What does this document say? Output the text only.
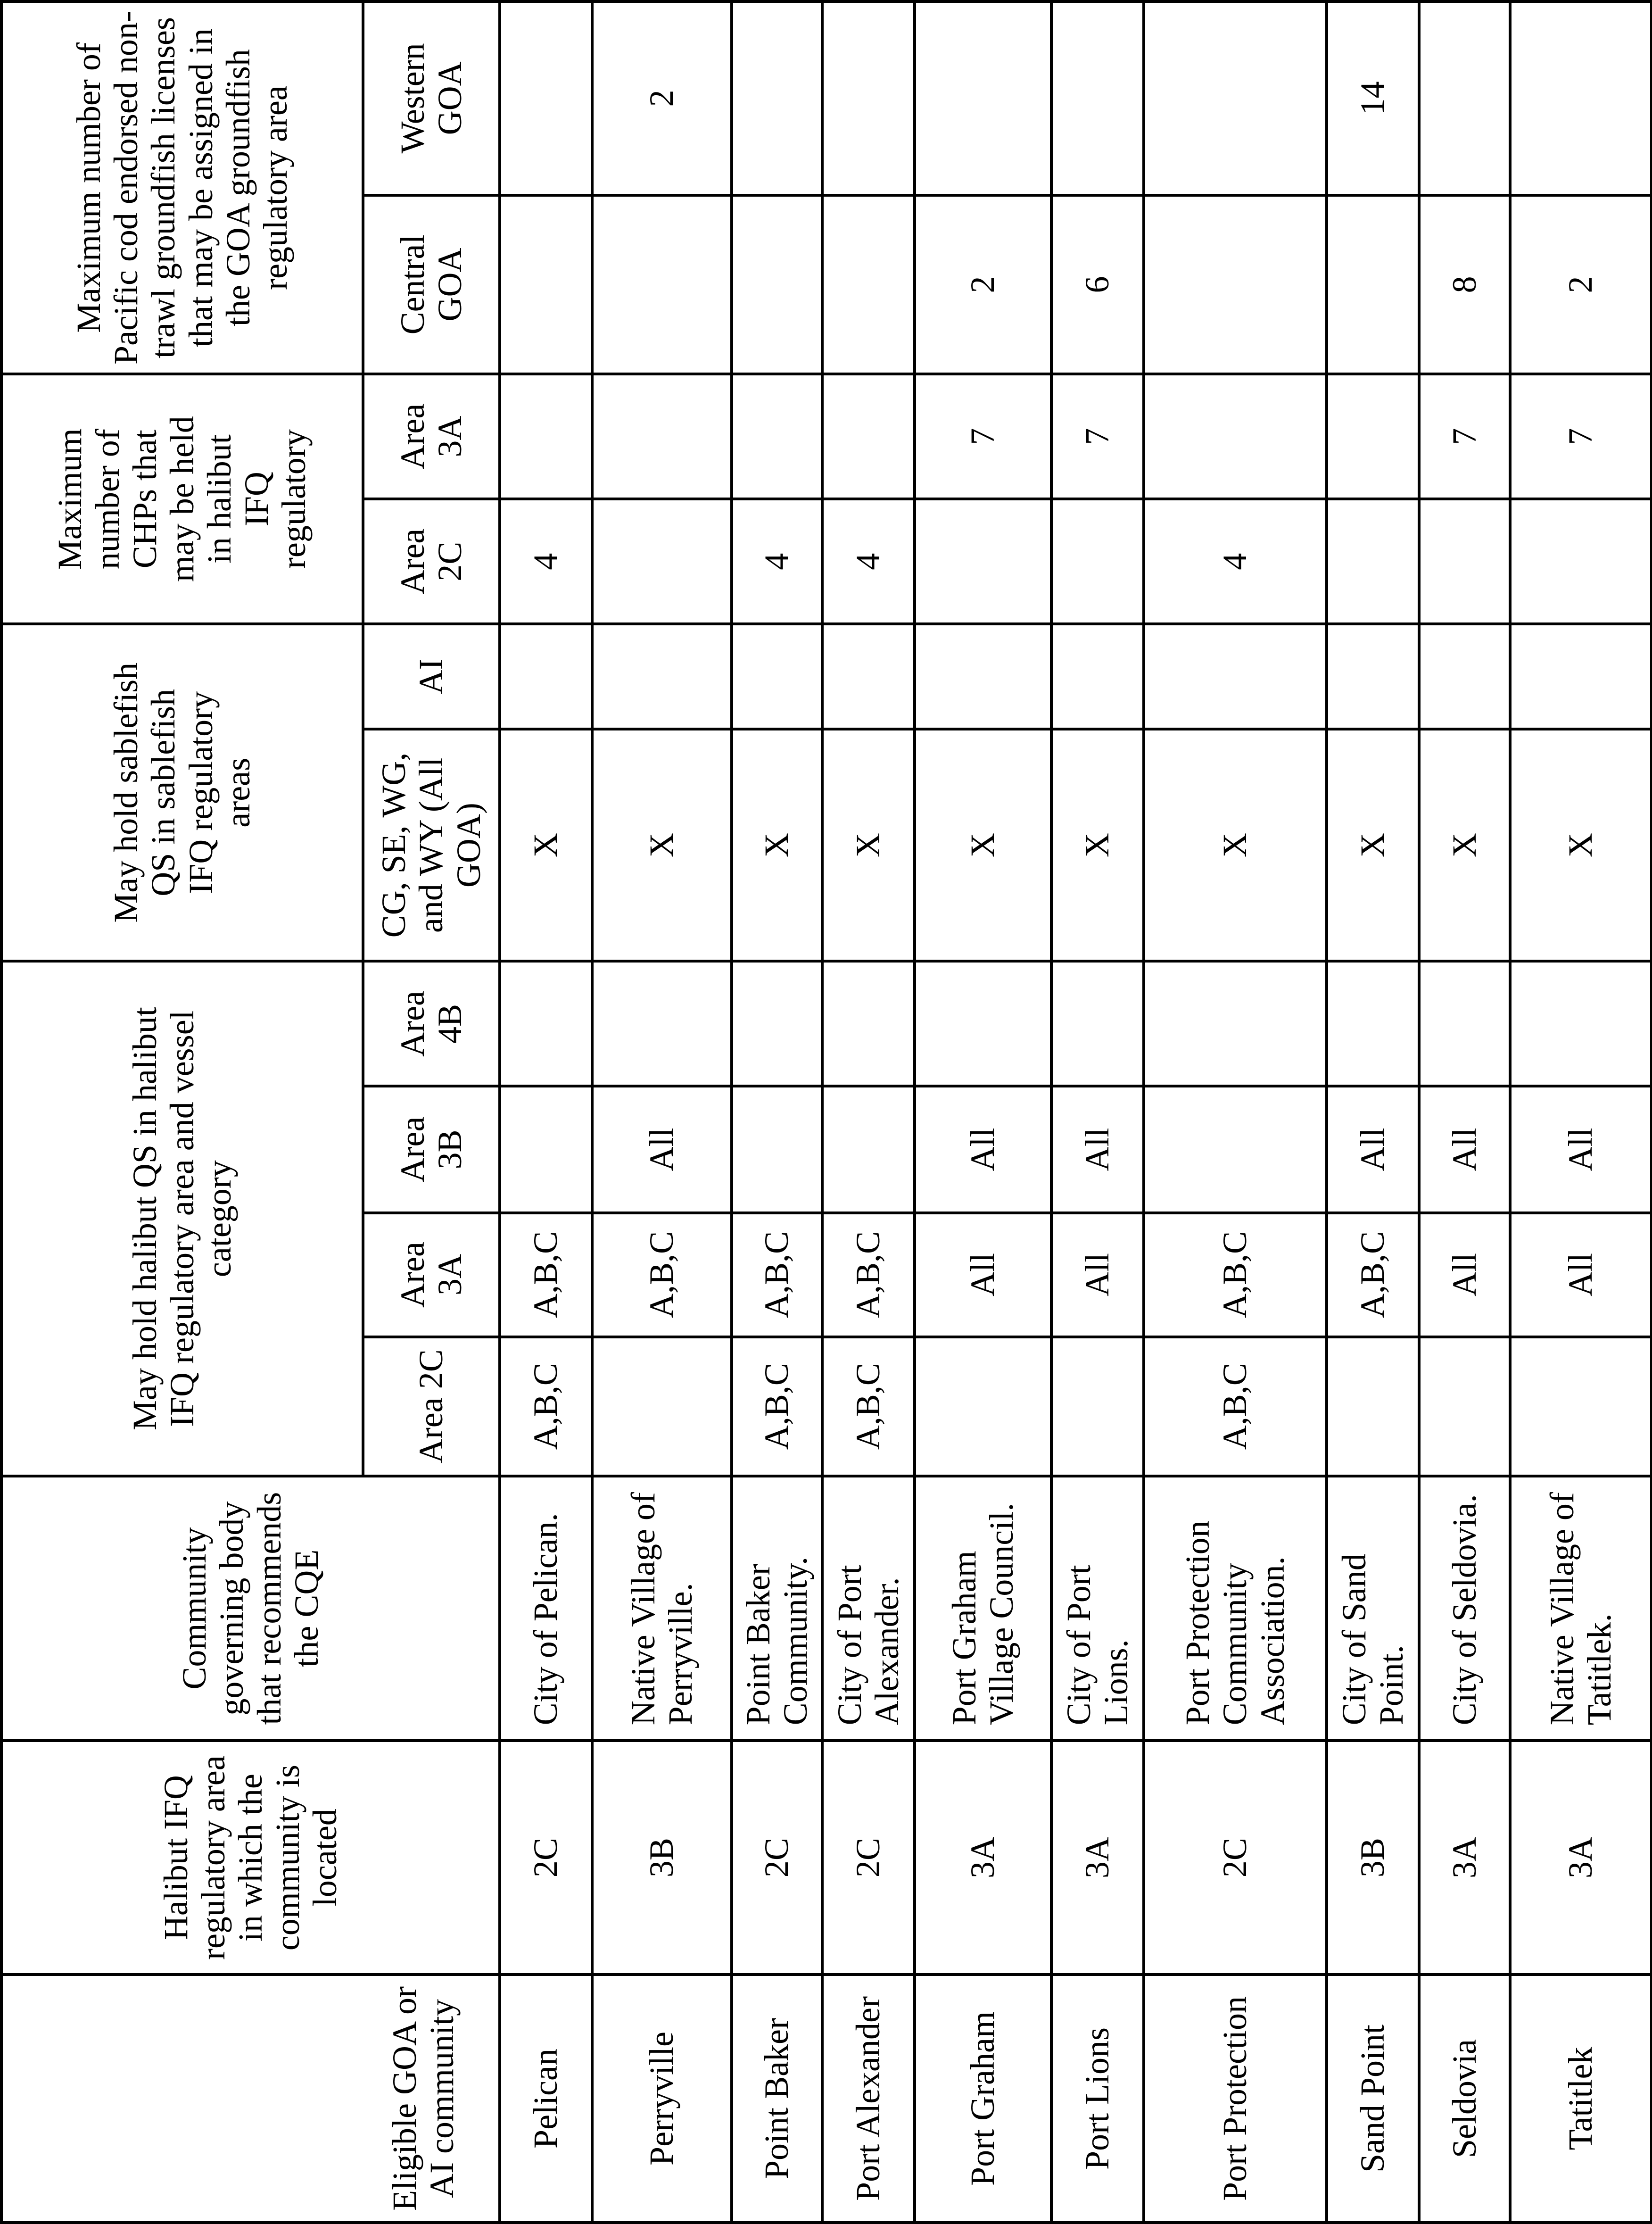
Eligible GOA or AI community	Halibut IFQ regulatory area in which the community is located	Community governing body that recommends the CQE	May hold halibut QS in halibut IFQ regulatory area and vessel category				May hold sablefish QS in sablefish IFQ regulatory areas		Maximum number of CHPs that may be held in halibut IFQ regulatory		Maximum number of Pacific cod endorsed non-trawl groundfish licenses that may be assigned in the GOA groundfish regulatory area	
			Area 2C	Area 3A	Area 3B	Area 4B	CG, SE, WG, and WY (All GOA)	AI	Area 2C	Area 3A	Central GOA	Western GOA
Pelican	2C	City of Pelican.	A,B,C	A,B,C			X		4			
Perryville	3B	Native Village of Perryville.		A,B,C	All		X					2
Point Baker	2C	Point Baker Community.	A,B,C	A,B,C			X		4			
Port Alexander	2C	City of Port Alexander.	A,B,C	A,B,C			X		4			
Port Graham	3A	Port Graham Village Council.		All	All		X			7	2	
Port Lions	3A	City of Port Lions.		All	All		X			7	6	
Port Protection	2C	Port Protection Community Association.	A,B,C	A,B,C			X		4			
Sand Point	3B	City of Sand Point.		A,B,C	All		X					14
Seldovia	3A	City of Seldovia.		All	All		X			7	8	
Tatitlek	3A	Native Village of Tatitlek.		All	All		X			7	2	
